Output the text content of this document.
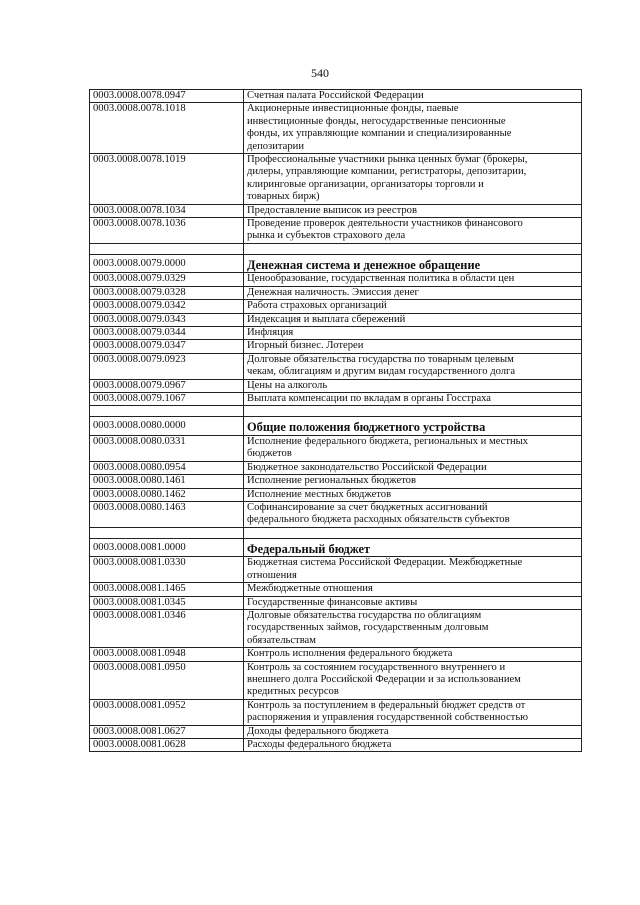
540
0003.0008.0078.0947	Счетная палата Российской Федерации

0003.0008.0078.1018	Акционерные инвестиционные фонды, паевые
инвестиционные фонды, негосударственные пенсионные
фонды, их управляющие компании и специализированные
депозитарии

0003.0008.0078.1019	Профессиональные участники рынка ценных бумаг (брокеры,
дилеры, управляющие компании, регистраторы, депозитарии,
клиринговые организации, организаторы торговли и
товарных бирж)

0003.0008.0078.1034	Предоставление выписок из реестров

0003.0008.0078.1036	Проведение проверок деятельности участников финансового
рынка и субъектов страхового дела

0003.0008.0079.0000	Денежная система и денежное обращение

0003.0008.0079.0329	Ценообразование, государственная политика в области цен

0003.0008.0079.0328	Денежная наличность. Эмиссия денег

0003.0008.0079.0342	Работа страховых организаций

0003.0008.0079.0343	Индексация и выплата сбережений

0003.0008.0079.0344	Инфляция

0003.0008.0079.0347	Игорный бизнес. Лотереи

0003.0008.0079.0923	Долговые обязательства государства по товарным целевым
чекам, облигациям и другим видам государственного долга

0003.0008.0079.0967	Цены на алкоголь

0003.0008.0079.1067	Выплата компенсации по вкладам в органы Госстраха

0003.0008.0080.0000	Общие положения бюджетного устройства

0003.0008.0080.0331	Исполнение федерального бюджета, региональных и местных
бюджетов

0003.0008.0080.0954	Бюджетное законодательство Российской Федерации

0003.0008.0080.1461	Исполнение региональных бюджетов

0003.0008.0080.1462	Исполнение местных бюджетов

0003.0008.0080.1463	Софинансирование за счет бюджетных ассигнований
федерального бюджета расходных обязательств субъектов

0003.0008.0081.0000	Федеральный бюджет

0003.0008.0081.0330	Бюджетная система Российской Федерации. Межбюджетные
отношения

0003.0008.0081.1465	Межбюджетные отношения

0003.0008.0081.0345	Государственные финансовые активы

0003.0008.0081.0346	Долговые обязательства государства по облигациям
государственных займов, государственным долговым
обязательствам

0003.0008.0081.0948	Контроль исполнения федерального бюджета

0003.0008.0081.0950	Контроль за состоянием государственного внутреннего и
внешнего долга Российской Федерации и за использованием
кредитных ресурсов

0003.0008.0081.0952	Контроль за поступлением в федеральный бюджет средств от
распоряжения и управления государственной собственностью

0003.0008.0081.0627	Доходы федерального бюджета

0003.0008.0081.0628	Расходы федерального бюджета
